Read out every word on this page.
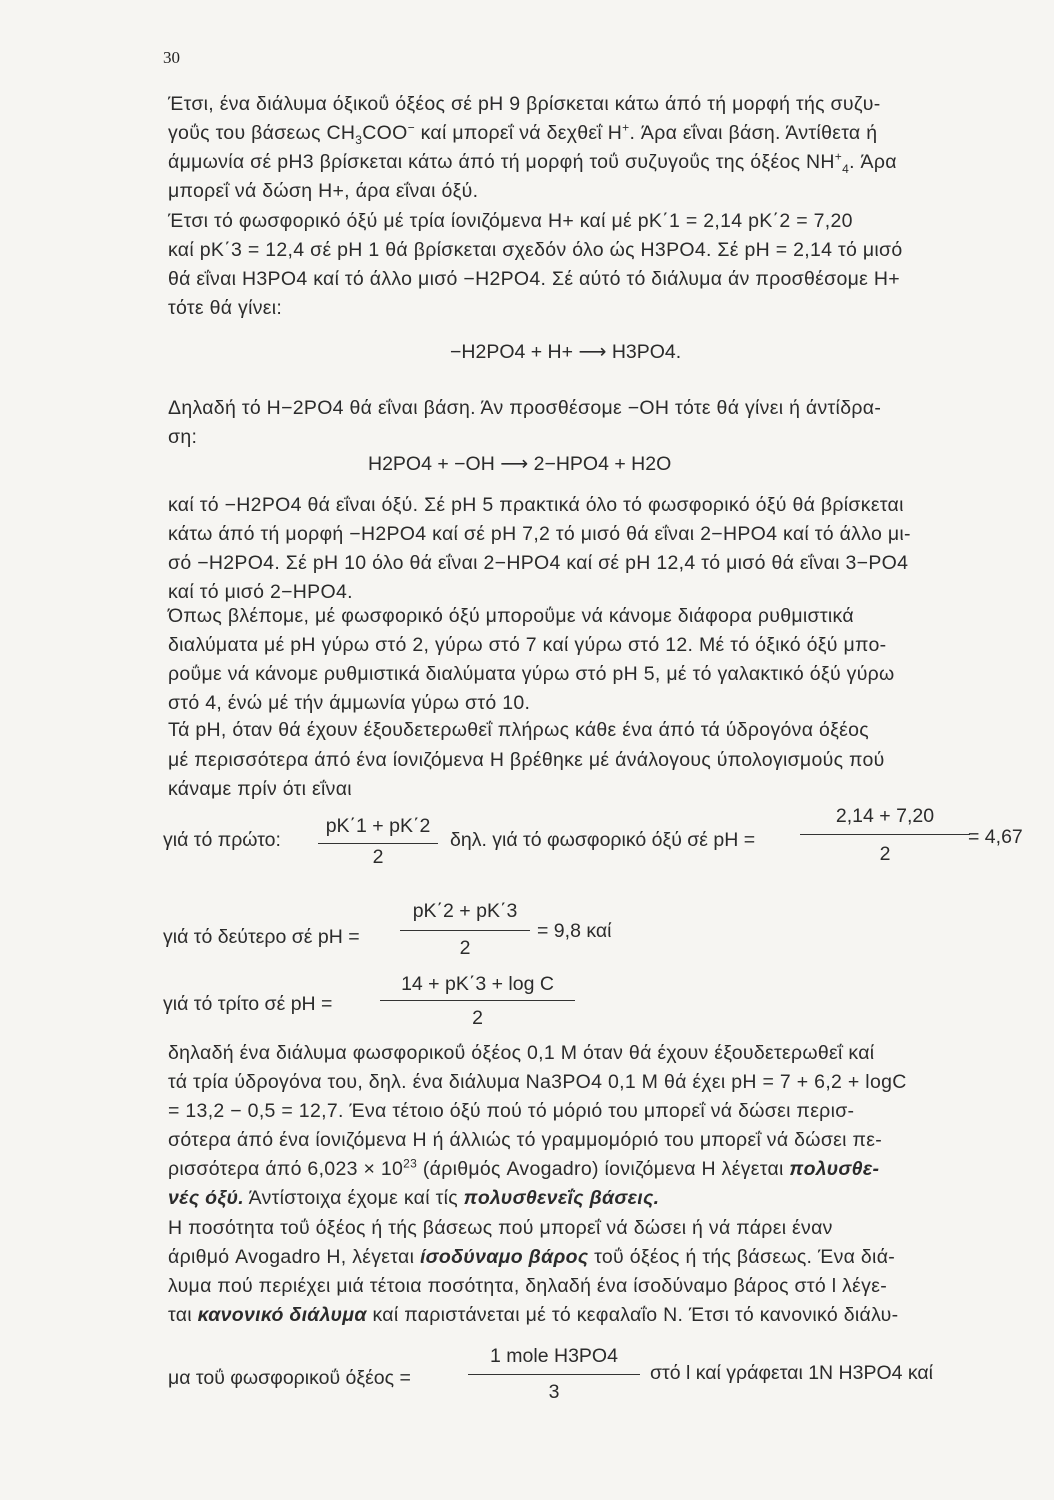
30
Έτσι, ένα διάλυμα όξικοΰ όξέος σέ pH 9 βρίσκεται κάτω άπό τή μορφή τής συζυ-
γοΰς του βάσεως $CH_3COO^-$ καί μπορεΐ νά δεχθεΐ H+. Άρα εΐναι βάση. Άντίθετα ή
άμμωνία σέ pH3 βρίσκεται κάτω άπό τή μορφή τοΰ συζυγοΰς της όξέος $NH^+_4$. Άρα
μπορεΐ νά δώση H+, άρα εΐναι όξύ.
Έτσι τό φωσφορικό όξύ μέ τρία ίονιζόμενα H+ καί μέ pK΄1 = 2,14 pK΄2 = 7,20
καί pK΄3 = 12,4 σέ pH 1 θά βρίσκεται σχεδόν όλο ώς H3PO4. Σέ pH = 2,14 τό μισό
θά εΐναι H3PO4 καί τό άλλο μισό −H2PO4. Σέ αύτό τό διάλυμα άν προσθέσομε H+
τότε θά γίνει:
−H2PO4 + H+ ⟶ H3PO4.
Δηλαδή τό H−2PO4 θά εΐναι βάση. Άν προσθέσομε −OH τότε θά γίνει ή άντίδρα-
ση:
H2PO4 + −OH ⟶ 2−HPO4 + H2O
καί τό −H2PO4 θά εΐναι όξύ. Σέ pH 5 πρακτικά όλο τό φωσφορικό όξύ θά βρίσκεται
κάτω άπό τή μορφή −H2PO4 καί σέ pH 7,2 τό μισό θά εΐναι 2−HPO4 καί τό άλλο μι-
σό −H2PO4. Σέ pH 10 όλο θά εΐναι 2−HPO4 καί σέ pH 12,4 τό μισό θά εΐναι 3−PO4
καί τό μισό 2−HPO4.
Όπως βλέπομε, μέ φωσφορικό όξύ μποροΰμε νά κάνομε διάφορα ρυθμιστικά
διαλύματα μέ pH γύρω στό 2, γύρω στό 7 καί γύρω στό 12. Μέ τό όξικό όξύ μπο-
ροΰμε νά κάνομε ρυθμιστικά διαλύματα γύρω στό pH 5, μέ τό γαλακτικό όξύ γύρω
στό 4, ένώ μέ τήν άμμωνία γύρω στό 10.
Τά pH, όταν θά έχουν έξουδετερωθεΐ πλήρως κάθε ένα άπό τά ύδρογόνα όξέος
μέ περισσότερα άπό ένα ίονιζόμενα H βρέθηκε μέ άνάλογους ύπολογισμούς πού
κάναμε πρίν ότι εΐναι
γιά τό πρώτο:
pK΄1 + pK΄2
2
δηλ. γιά τό φωσφορικό όξύ σέ pH =
2,14 + 7,20
2
= 4,67
γιά τό δεύτερο σέ pH =
pK΄2 + pK΄3
2
= 9,8 καί
γιά τό τρίτο σέ pH =
14 + pK΄3 + log C
2
δηλαδή ένα διάλυμα φωσφορικοΰ όξέος 0,1 M όταν θά έχουν έξουδετερωθεΐ καί
τά τρία ύδρογόνα του, δηλ. ένα διάλυμα Na3PO4 0,1 M θά έχει pH = 7 + 6,2 + logC
= 13,2 − 0,5 = 12,7. Ένα τέτοιο όξύ πού τό μόριό του μπορεΐ νά δώσει περισ-
σότερα άπό ένα ίονιζόμενα H ή άλλιώς τό γραμμομόριό του μπορεΐ νά δώσει πε-
ρισσότερα άπό $6,023 \times 10^{23}$ (άριθμός Avogadro) ίονιζόμενα H λέγεται πολυσθε-
νές όξύ. Άντίστοιχα έχομε καί τίς πολυσθενεΐς βάσεις.
Η ποσότητα τοΰ όξέος ή τής βάσεως πού μπορεΐ νά δώσει ή νά πάρει έναν
άριθμό Avogadro H, λέγεται ίσοδύναμο βάρος τοΰ όξέος ή τής βάσεως. Ένα διά-
λυμα πού περιέχει μιά τέτοια ποσότητα, δηλαδή ένα ίσοδύναμο βάρος στό l λέγε-
ται κανονικό διάλυμα καί παριστάνεται μέ τό κεφαλαΐο N. Έτσι τό κανονικό διάλυ-
μα τοΰ φωσφορικοΰ όξέος =
1 mole H3PO4
3
στό l καί γράφεται 1N H3PO4 καί
